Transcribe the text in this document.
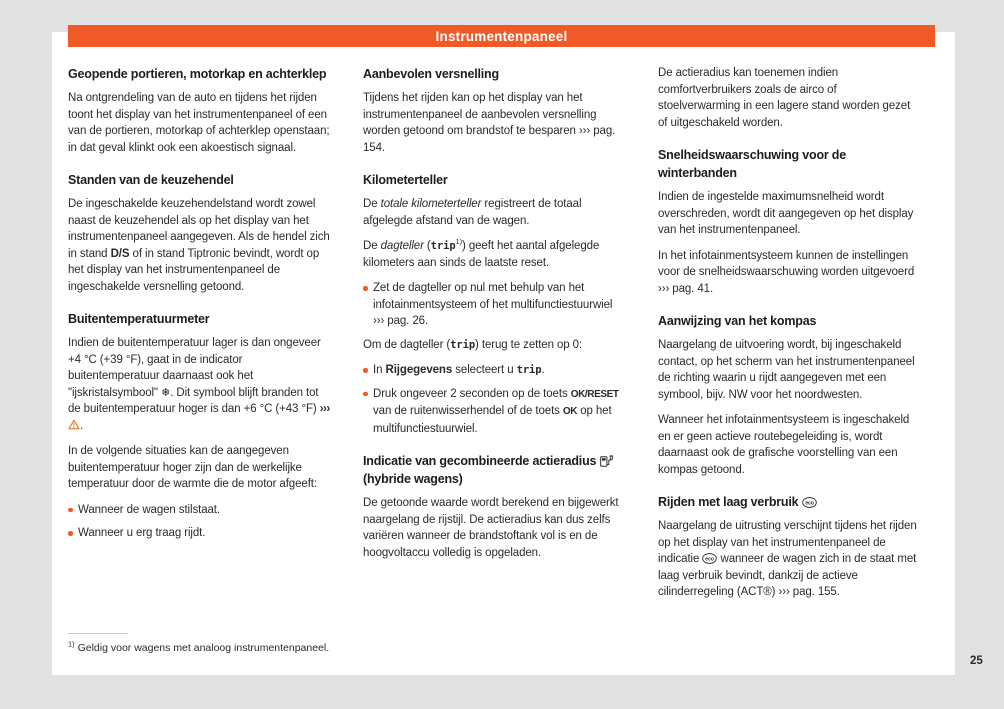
Instrumentenpaneel
Geopende portieren, motorkap en achterklep
Na ontgrendeling van de auto en tijdens het rijden toont het display van het instrumentenpaneel of een van de portieren, motorkap of achterklep openstaan; in dat geval klinkt ook een akoestisch signaal.
Standen van de keuzehendel
De ingeschakelde keuzehendelstand wordt zowel naast de keuzehendel als op het display van het instrumentenpaneel aangegeven. Als de hendel zich in stand D/S of in stand Tiptronic bevindt, wordt op het display van het instrumentenpaneel de ingeschakelde versnelling getoond.
Buitentemperatuurmeter
Indien de buitentemperatuur lager is dan ongeveer +4 °C (+39 °F), gaat in de indicator buitentemperatuur daarnaast ook het "ijskristalsymbool" ❄. Dit symbool blijft branden tot de buitentemperatuur hoger is dan +6 °C (+43 °F) ››› .
In de volgende situaties kan de aangegeven buitentemperatuur hoger zijn dan de werkelijke temperatuur door de warmte die de motor afgeeft:
Wanneer de wagen stilstaat.
Wanneer u erg traag rijdt.
Aanbevolen versnelling
Tijdens het rijden kan op het display van het instrumentenpaneel de aanbevolen versnelling worden getoond om brandstof te besparen ››› pag. 154.
Kilometerteller
De totale kilometerteller registreert de totaal afgelegde afstand van de wagen.
De dagteller (trip$^{1)}$) geeft het aantal afgelegde kilometers aan sinds de laatste reset.
Zet de dagteller op nul met behulp van het infotainmentsysteem of het multifunctiestuurwiel ››› pag. 26.
Om de dagteller (trip) terug te zetten op 0:
In Rijgegevens selecteert u trip.
Druk ongeveer 2 seconden op de toets OK/RESET van de ruitenwisserhendel of de toets OK op het multifunctiestuurwiel.
Indicatie van gecombineerde actieradius  (hybride wagens)
De getoonde waarde wordt berekend en bijgewerkt naargelang de rijstijl. De actieradius kan dus zelfs variëren wanneer de brandstoftank vol is en de hoogvoltaccu volledig is opgeladen.
De actieradius kan toenemen indien comfortverbruikers zoals de airco of stoelverwarming in een lagere stand worden gezet of uitgeschakeld worden.
Snelheidswaarschuwing voor de winterbanden
Indien de ingestelde maximumsnelheid wordt overschreden, wordt dit aangegeven op het display van het instrumentenpaneel.
In het infotainmentsysteem kunnen de instellingen voor de snelheidswaarschuwing worden uitgevoerd ››› pag. 41.
Aanwijzing van het kompas
Naargelang de uitvoering wordt, bij ingeschakeld contact, op het scherm van het instrumentenpaneel de richting waarin u rijdt aangegeven met een symbool, bijv. NW voor het noordwesten.
Wanneer het infotainmentsysteem is ingeschakeld en er geen actieve routebegeleiding is, wordt daarnaast ook de grafische voorstelling van een kompas getoond.
Rijden met laag verbruik eco
Naargelang de uitrusting verschijnt tijdens het rijden op het display van het instrumentenpaneel de indicatie eco wanneer de wagen zich in de staat met laag verbruik bevindt, dankzij de actieve cilinderregeling (ACT®) ››› pag. 155.
$^{1)}$ Geldig voor wagens met analoog instrumentenpaneel.
25
